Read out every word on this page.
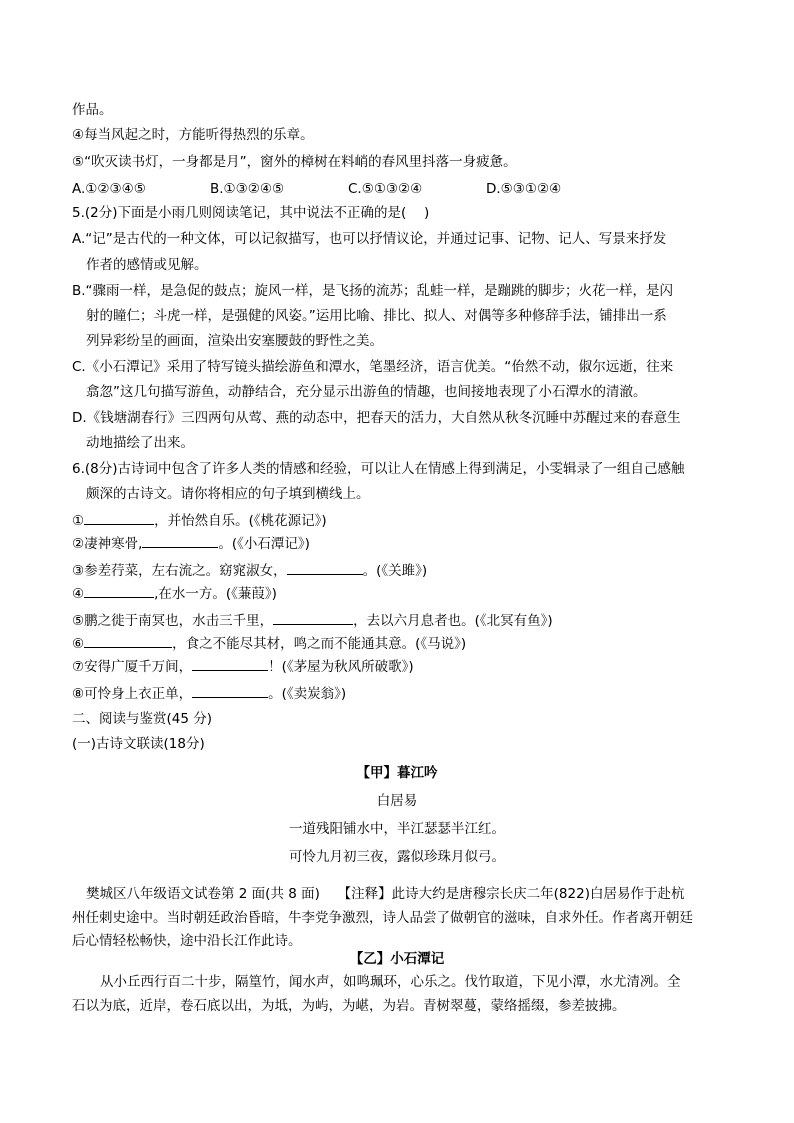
作品。
④每当风起之时，方能听得热烈的乐章。
⑤“吹灭读书灯，一身都是月”，窗外的樟树在料峭的春风里抖落一身疲惫。
A.①②③④⑤	B.①③②④⑤	C.⑤①③②④	D.⑤③①②④
5.(2分)下面是小雨几则阅读笔记，其中说法不正确的是(　 )
A.“记”是古代的一种文体，可以记叙描写，也可以抒情议论，并通过记事、记物、记人、写景来抒发
作者的感情或见解。
B.“骤雨一样，是急促的鼓点；旋风一样，是飞扬的流苏；乱蛙一样，是蹦跳的脚步；火花一样，是闪
射的瞳仁；斗虎一样，是强健的风姿。”运用比喻、排比、拟人、对偶等多种修辞手法，铺排出一系
列异彩纷呈的画面，渲染出安塞腰鼓的野性之美。
C.《小石潭记》采用了特写镜头描绘游鱼和潭水，笔墨经济，语言优美。“佁然不动，俶尔远逝，往来
翕忽”这几句描写游鱼，动静结合，充分显示出游鱼的情趣，也间接地表现了小石潭水的清澈。
D.《钱塘湖春行》三四两句从莺、燕的动态中，把春天的活力，大自然从秋冬沉睡中苏醒过来的春意生
动地描绘了出来。
6.(8分)古诗词中包含了许多人类的情感和经验，可以让人在情感上得到满足，小雯辑录了一组自己感触
颇深的古诗文。请你将相应的句子填到横线上。
①	，并怡然自乐。(《桃花源记》)
②凄神寒骨,	。(《小石潭记》)
③参差荇菜，左右流之。窈窕淑女，	。(《关雎》)
④	,在水一方。(《蒹葭》)
⑤鹏之徙于南冥也，水击三千里，	，去以六月息者也。(《北冥有鱼》)
⑥	，食之不能尽其材，鸣之而不能通其意。(《马说》)
⑦安得广厦千万间，	！(《茅屋为秋风所破歌》)
⑧可怜身上衣正单，	。(《卖炭翁》)
二、阅读与鉴赏(45 分)
(一)古诗文联读(18分)
【甲】暮江吟
白居易
一道残阳铺水中，半江瑟瑟半江红。
可怜九月初三夜，露似珍珠月似弓。
樊城区八年级语文试卷第 2 面(共 8 面)　 【注释】此诗大约是唐穆宗长庆二年(822)白居易作于赴杭
州任刺史途中。当时朝廷政治昏暗，牛李党争激烈，诗人品尝了做朝官的滋味，自求外任。作者离开朝廷
后心情轻松畅快，途中沿长江作此诗。
【乙】小石潭记
从小丘西行百二十步，隔篁竹，闻水声，如鸣珮环，心乐之。伐竹取道，下见小潭，水尤清冽。全
石以为底，近岸，卷石底以出，为坻，为屿，为嵁，为岩。青树翠蔓，蒙络摇缀，参差披拂。
